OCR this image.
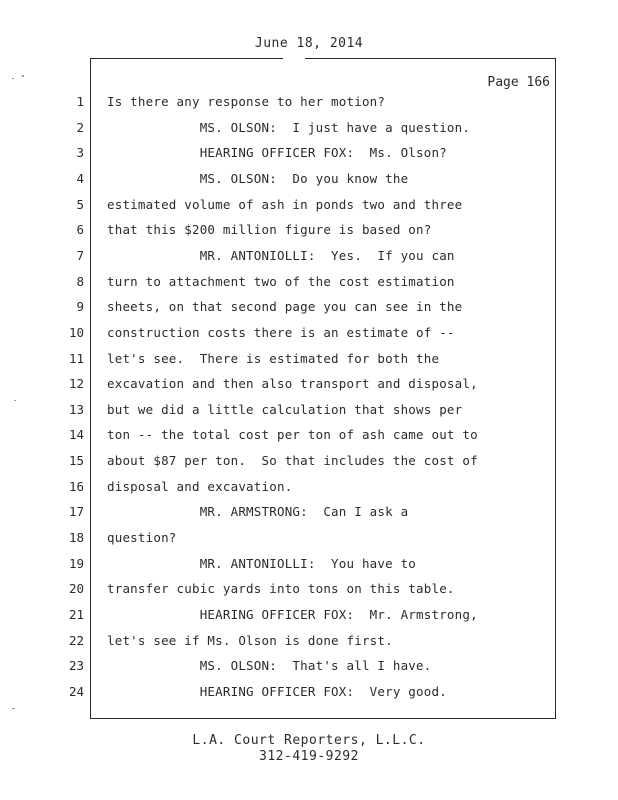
June 18, 2014
Page 166
1 Is there any response to her motion?
2 MS. OLSON:  I just have a question.
3 HEARING OFFICER FOX:  Ms. Olson?
4 MS. OLSON:  Do you know the
5 estimated volume of ash in ponds two and three
6 that this $200 million figure is based on?
7 MR. ANTONIOLLI:  Yes.  If you can
8 turn to attachment two of the cost estimation
9 sheets, on that second page you can see in the
10 construction costs there is an estimate of --
11 let's see.  There is estimated for both the
12 excavation and then also transport and disposal,
13 but we did a little calculation that shows per
14 ton -- the total cost per ton of ash came out to
15 about $87 per ton.  So that includes the cost of
16 disposal and excavation.
17 MR. ARMSTRONG:  Can I ask a
18 question?
19 MR. ANTONIOLLI:  You have to
20 transfer cubic yards into tons on this table.
21 HEARING OFFICER FOX:  Mr. Armstrong,
22 let's see if Ms. Olson is done first.
23 MS. OLSON:  That's all I have.
24 HEARING OFFICER FOX:  Very good.
L.A. Court Reporters, L.L.C.
312-419-9292
